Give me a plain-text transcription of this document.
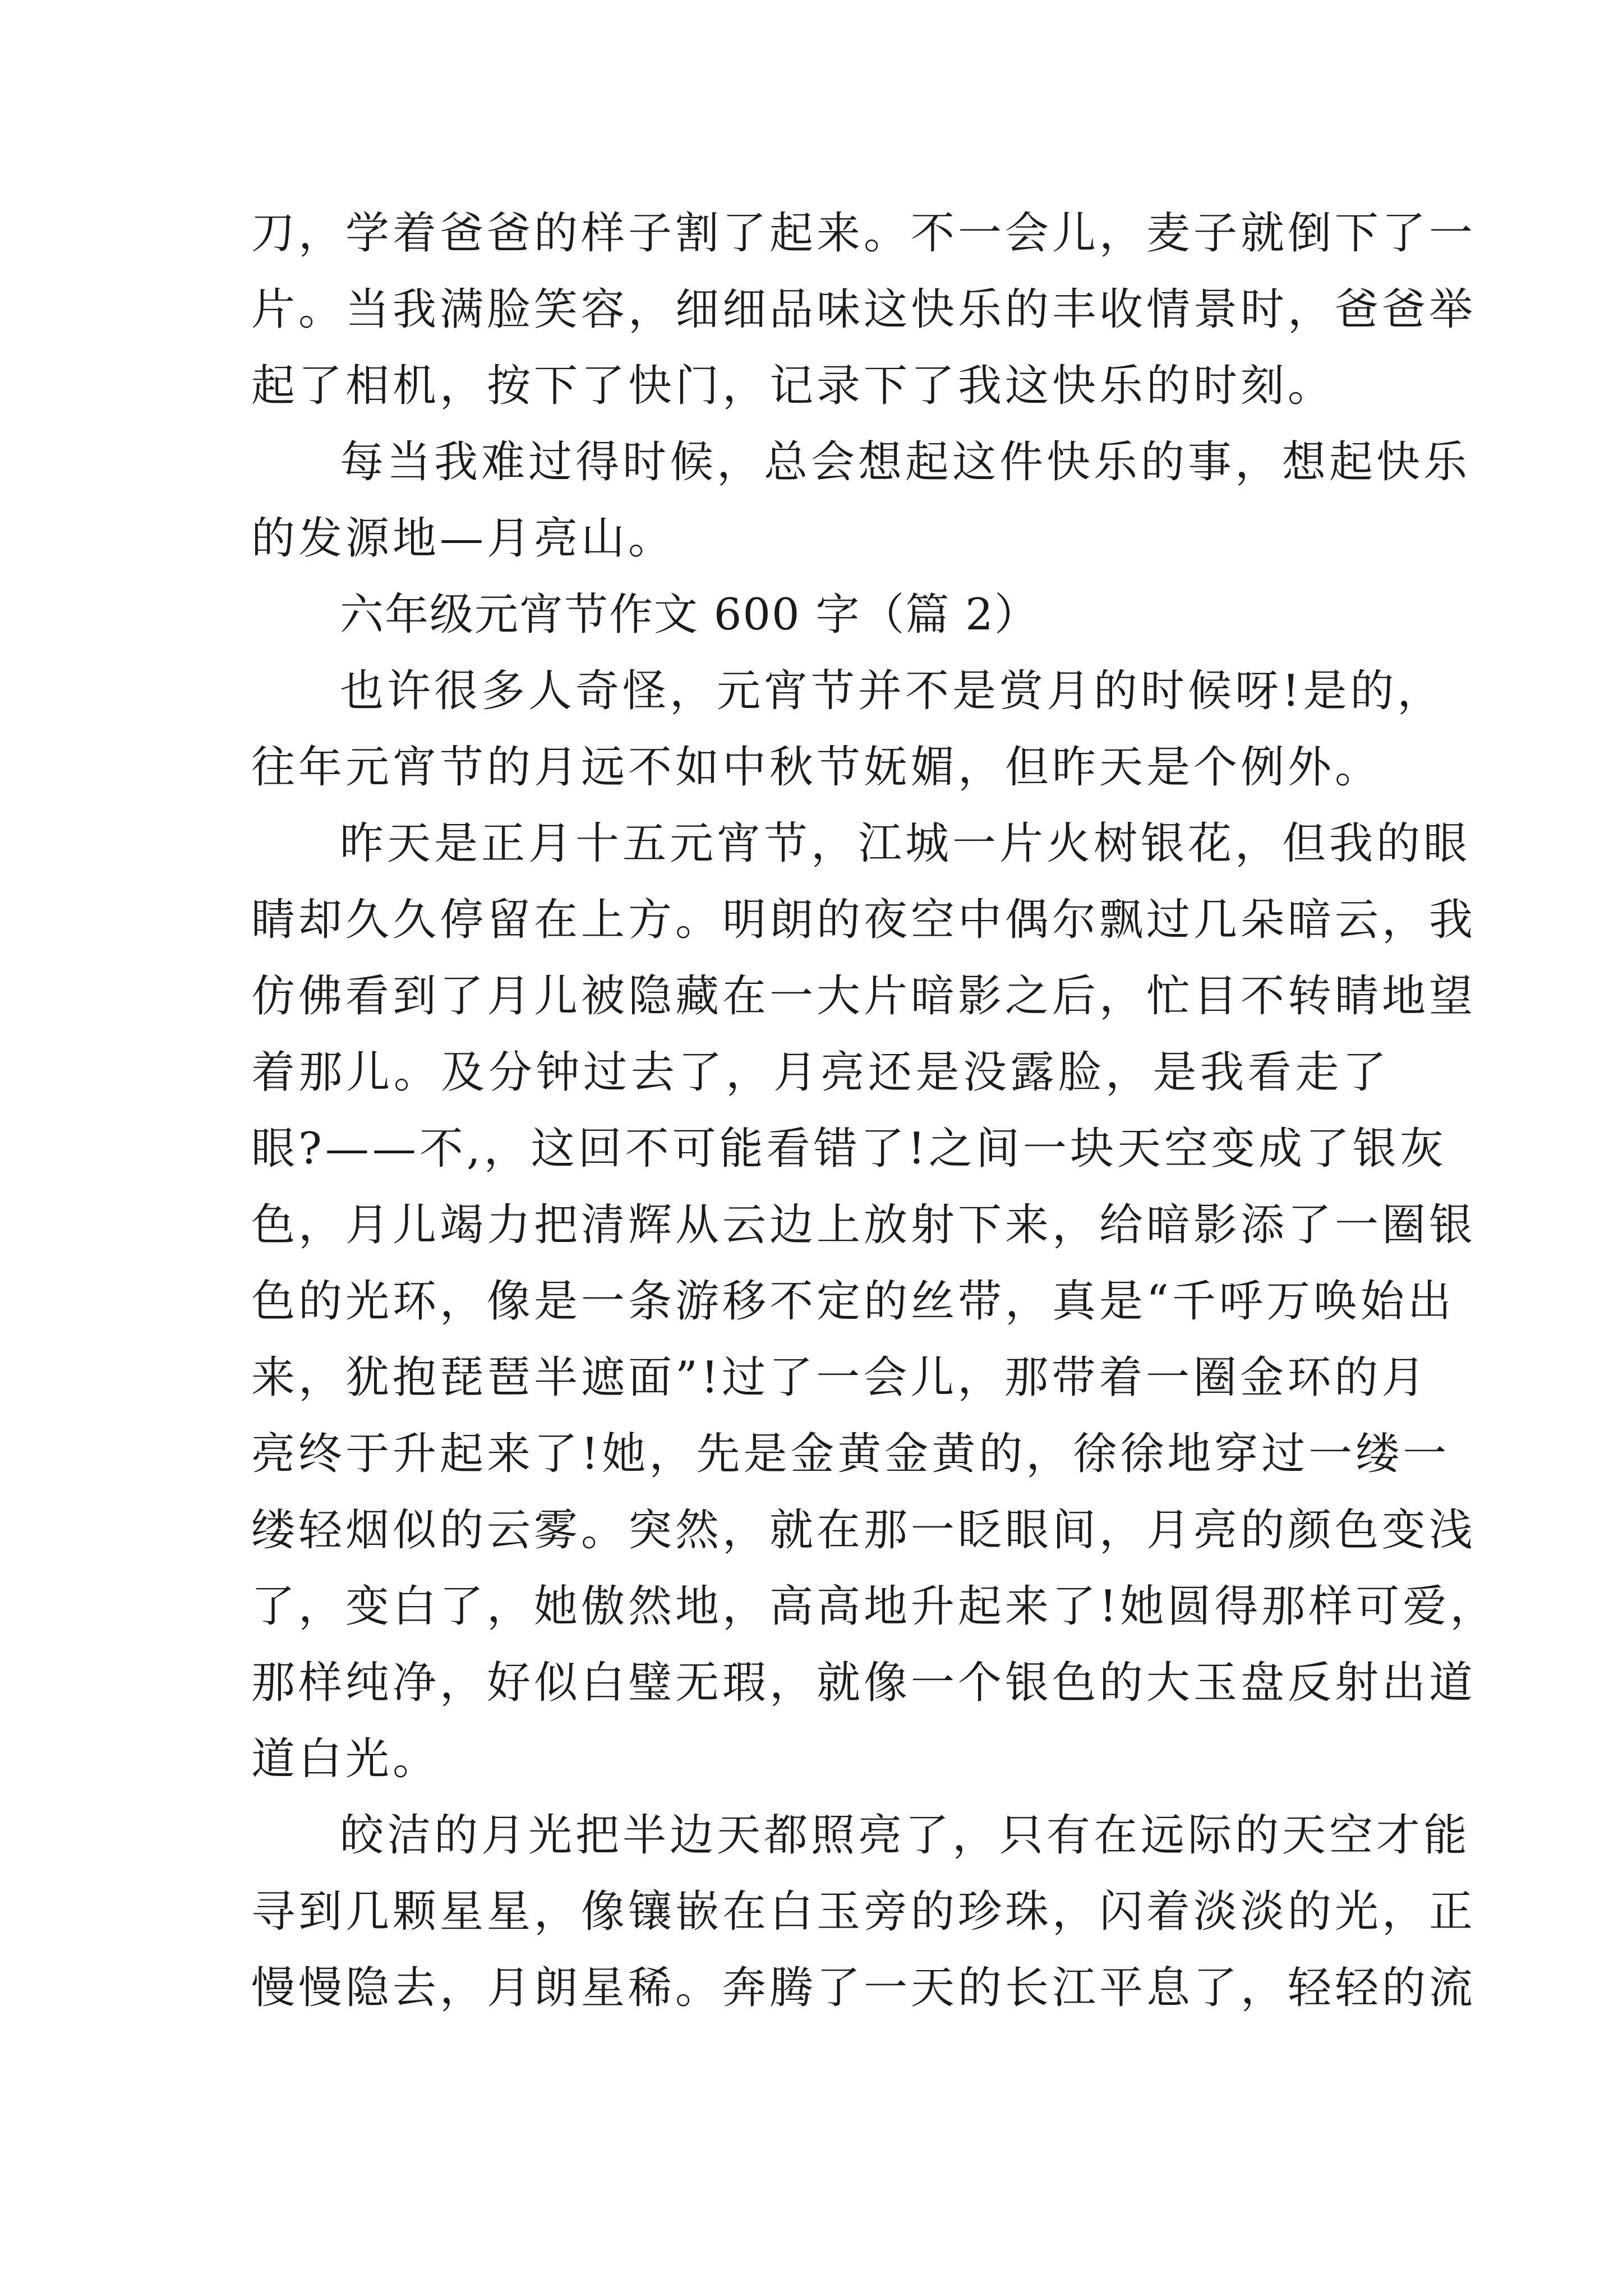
刀，学着爸爸的样子割了起来。不一会儿，麦子就倒下了一
片。当我满脸笑容，细细品味这快乐的丰收情景时，爸爸举
起了相机，按下了快门，记录下了我这快乐的时刻。
每当我难过得时候，总会想起这件快乐的事，想起快乐
的发源地—月亮山。
六年级元宵节作文 600 字（篇 2）
也许很多人奇怪，元宵节并不是赏月的时候呀!是的，
往年元宵节的月远不如中秋节妩媚，但昨天是个例外。
昨天是正月十五元宵节，江城一片火树银花，但我的眼
睛却久久停留在上方。明朗的夜空中偶尔飘过几朵暗云，我
仿佛看到了月儿被隐藏在一大片暗影之后，忙目不转睛地望
着那儿。及分钟过去了，月亮还是没露脸，是我看走了
眼?——不,，这回不可能看错了!之间一块天空变成了银灰
色，月儿竭力把清辉从云边上放射下来，给暗影添了一圈银
色的光环，像是一条游移不定的丝带，真是“千呼万唤始出
来，犹抱琵琶半遮面”!过了一会儿，那带着一圈金环的月
亮终于升起来了!她，先是金黄金黄的，徐徐地穿过一缕一
缕轻烟似的云雾。突然，就在那一眨眼间，月亮的颜色变浅
了，变白了，她傲然地，高高地升起来了!她圆得那样可爱，
那样纯净，好似白璧无瑕，就像一个银色的大玉盘反射出道
道白光。
皎洁的月光把半边天都照亮了，只有在远际的天空才能
寻到几颗星星，像镶嵌在白玉旁的珍珠，闪着淡淡的光，正
慢慢隐去，月朗星稀。奔腾了一天的长江平息了，轻轻的流
